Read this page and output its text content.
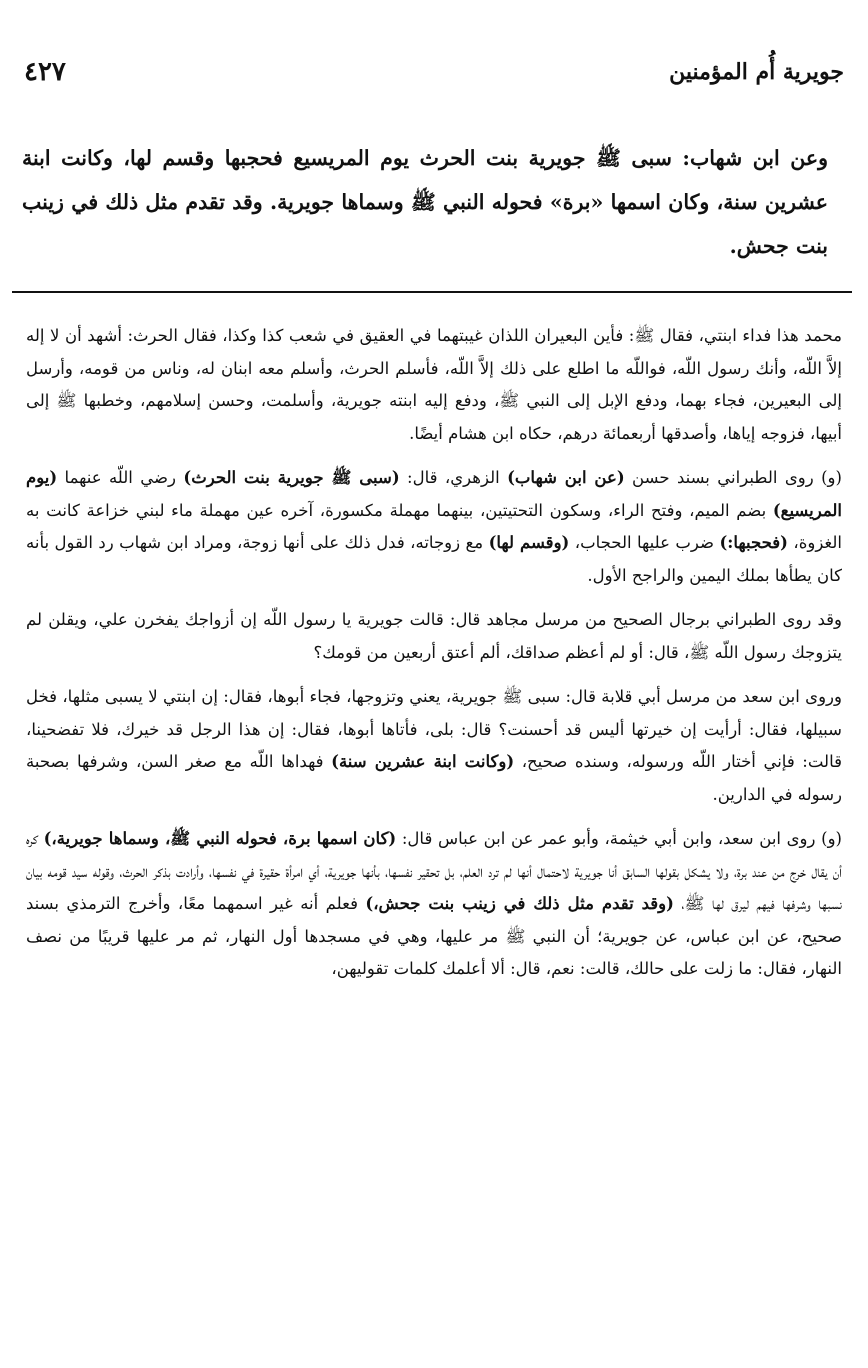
جويرية أُم المؤمنين
٤٢٧

وعن ابن شهاب: سبى ﷺ جويرية بنت الحرث يوم المريسيع فحجبها وقسم لها، وكانت ابنة عشرين سنة، وكان اسمها «برة» فحوله النبي ﷺ وسماها جويرية. وقد تقدم مثل ذلك في زينب بنت جحش.

محمد هذا فداء ابنتي، فقال ﷺ: فأين البعيران اللذان غيبتهما في العقيق في شعب كذا وكذا، فقال الحرث: أشهد أن لا إله إلاَّ اللّه، وأنك رسول اللّه، فواللّه ما اطلع على ذلك إلاَّ اللّه، فأسلم الحرث، وأسلم معه ابنان له، وناس من قومه، وأرسل إلى البعيرين، فجاء بهما، ودفع الإبل إلى النبي ﷺ، ودفع إليه ابنته جويرية، وأسلمت، وحسن إسلامهم، وخطبها ﷺ إلى أبيها، فزوجه إياها، وأصدقها أربعمائة درهم، حكاه ابن هشام أيضًا.

(و) روى الطبراني بسند حسن (عن ابن شهاب) الزهري، قال: (سبى ﷺ جويرية بنت الحرث) رضي اللّه عنهما (يوم المريسيع) بضم الميم، وفتح الراء، وسكون التحتيتين، بينهما مهملة مكسورة، آخره عين مهملة ماء لبني خزاعة كانت به الغزوة، (فحجبها:) ضرب عليها الحجاب، (وقسم لها) مع زوجاته، فدل ذلك على أنها زوجة، ومراد ابن شهاب رد القول بأنه كان يطأها بملك اليمين والراجح الأول.

وقد روى الطبراني برجال الصحيح من مرسل مجاهد قال: قالت جويرية يا رسول اللّه إن أزواجك يفخرن علي، ويقلن لم يتزوجك رسول اللّه ﷺ، قال: أو لم أعظم صداقك، ألم أعتق أربعين من قومك؟

وروى ابن سعد من مرسل أبي قلابة قال: سبى ﷺ جويرية، يعني وتزوجها، فجاء أبوها، فقال: إن ابنتي لا يسبى مثلها، فخل سبيلها، فقال: أرأيت إن خيرتها أليس قد أحسنت؟ قال: بلى، فأتاها أبوها، فقال: إن هذا الرجل قد خيرك، فلا تفضحينا، قالت: فإني أختار اللّه ورسوله، وسنده صحيح، (وكانت ابنة عشرين سنة) فهداها اللّه مع صغر السن، وشرفها بصحبة رسوله في الدارين.

(و) روى ابن سعد، وابن أبي خيثمة، وأبو عمر عن ابن عباس قال: (كان اسمها برة، فحوله النبي ﷺ، وسماها جويرية،) كره أن يقال خرج من عند برة، ولا يشكل بقولها السابق أنا جويرية لاحتمال أنها لم ترد العلم، بل تحقير نفسها، بأنها جويرية، أي امرأة حقيرة في نفسها، وأرادت بذكر الحرث، وقوله سيد قومه بيان نسبها وشرفها فيهم ليرق لها ﷺ، (وقد تقدم مثل ذلك في زينب بنت جحش،) فعلم أنه غير اسمهما معًا، وأخرج الترمذي بسند صحيح، عن ابن عباس، عن جويرية؛ أن النبي ﷺ مر عليها، وهي في مسجدها أول النهار، ثم مر عليها قريبًا من نصف النهار، فقال: ما زلت على حالك، قالت: نعم، قال: ألا أعلمك كلمات تقوليهن،
